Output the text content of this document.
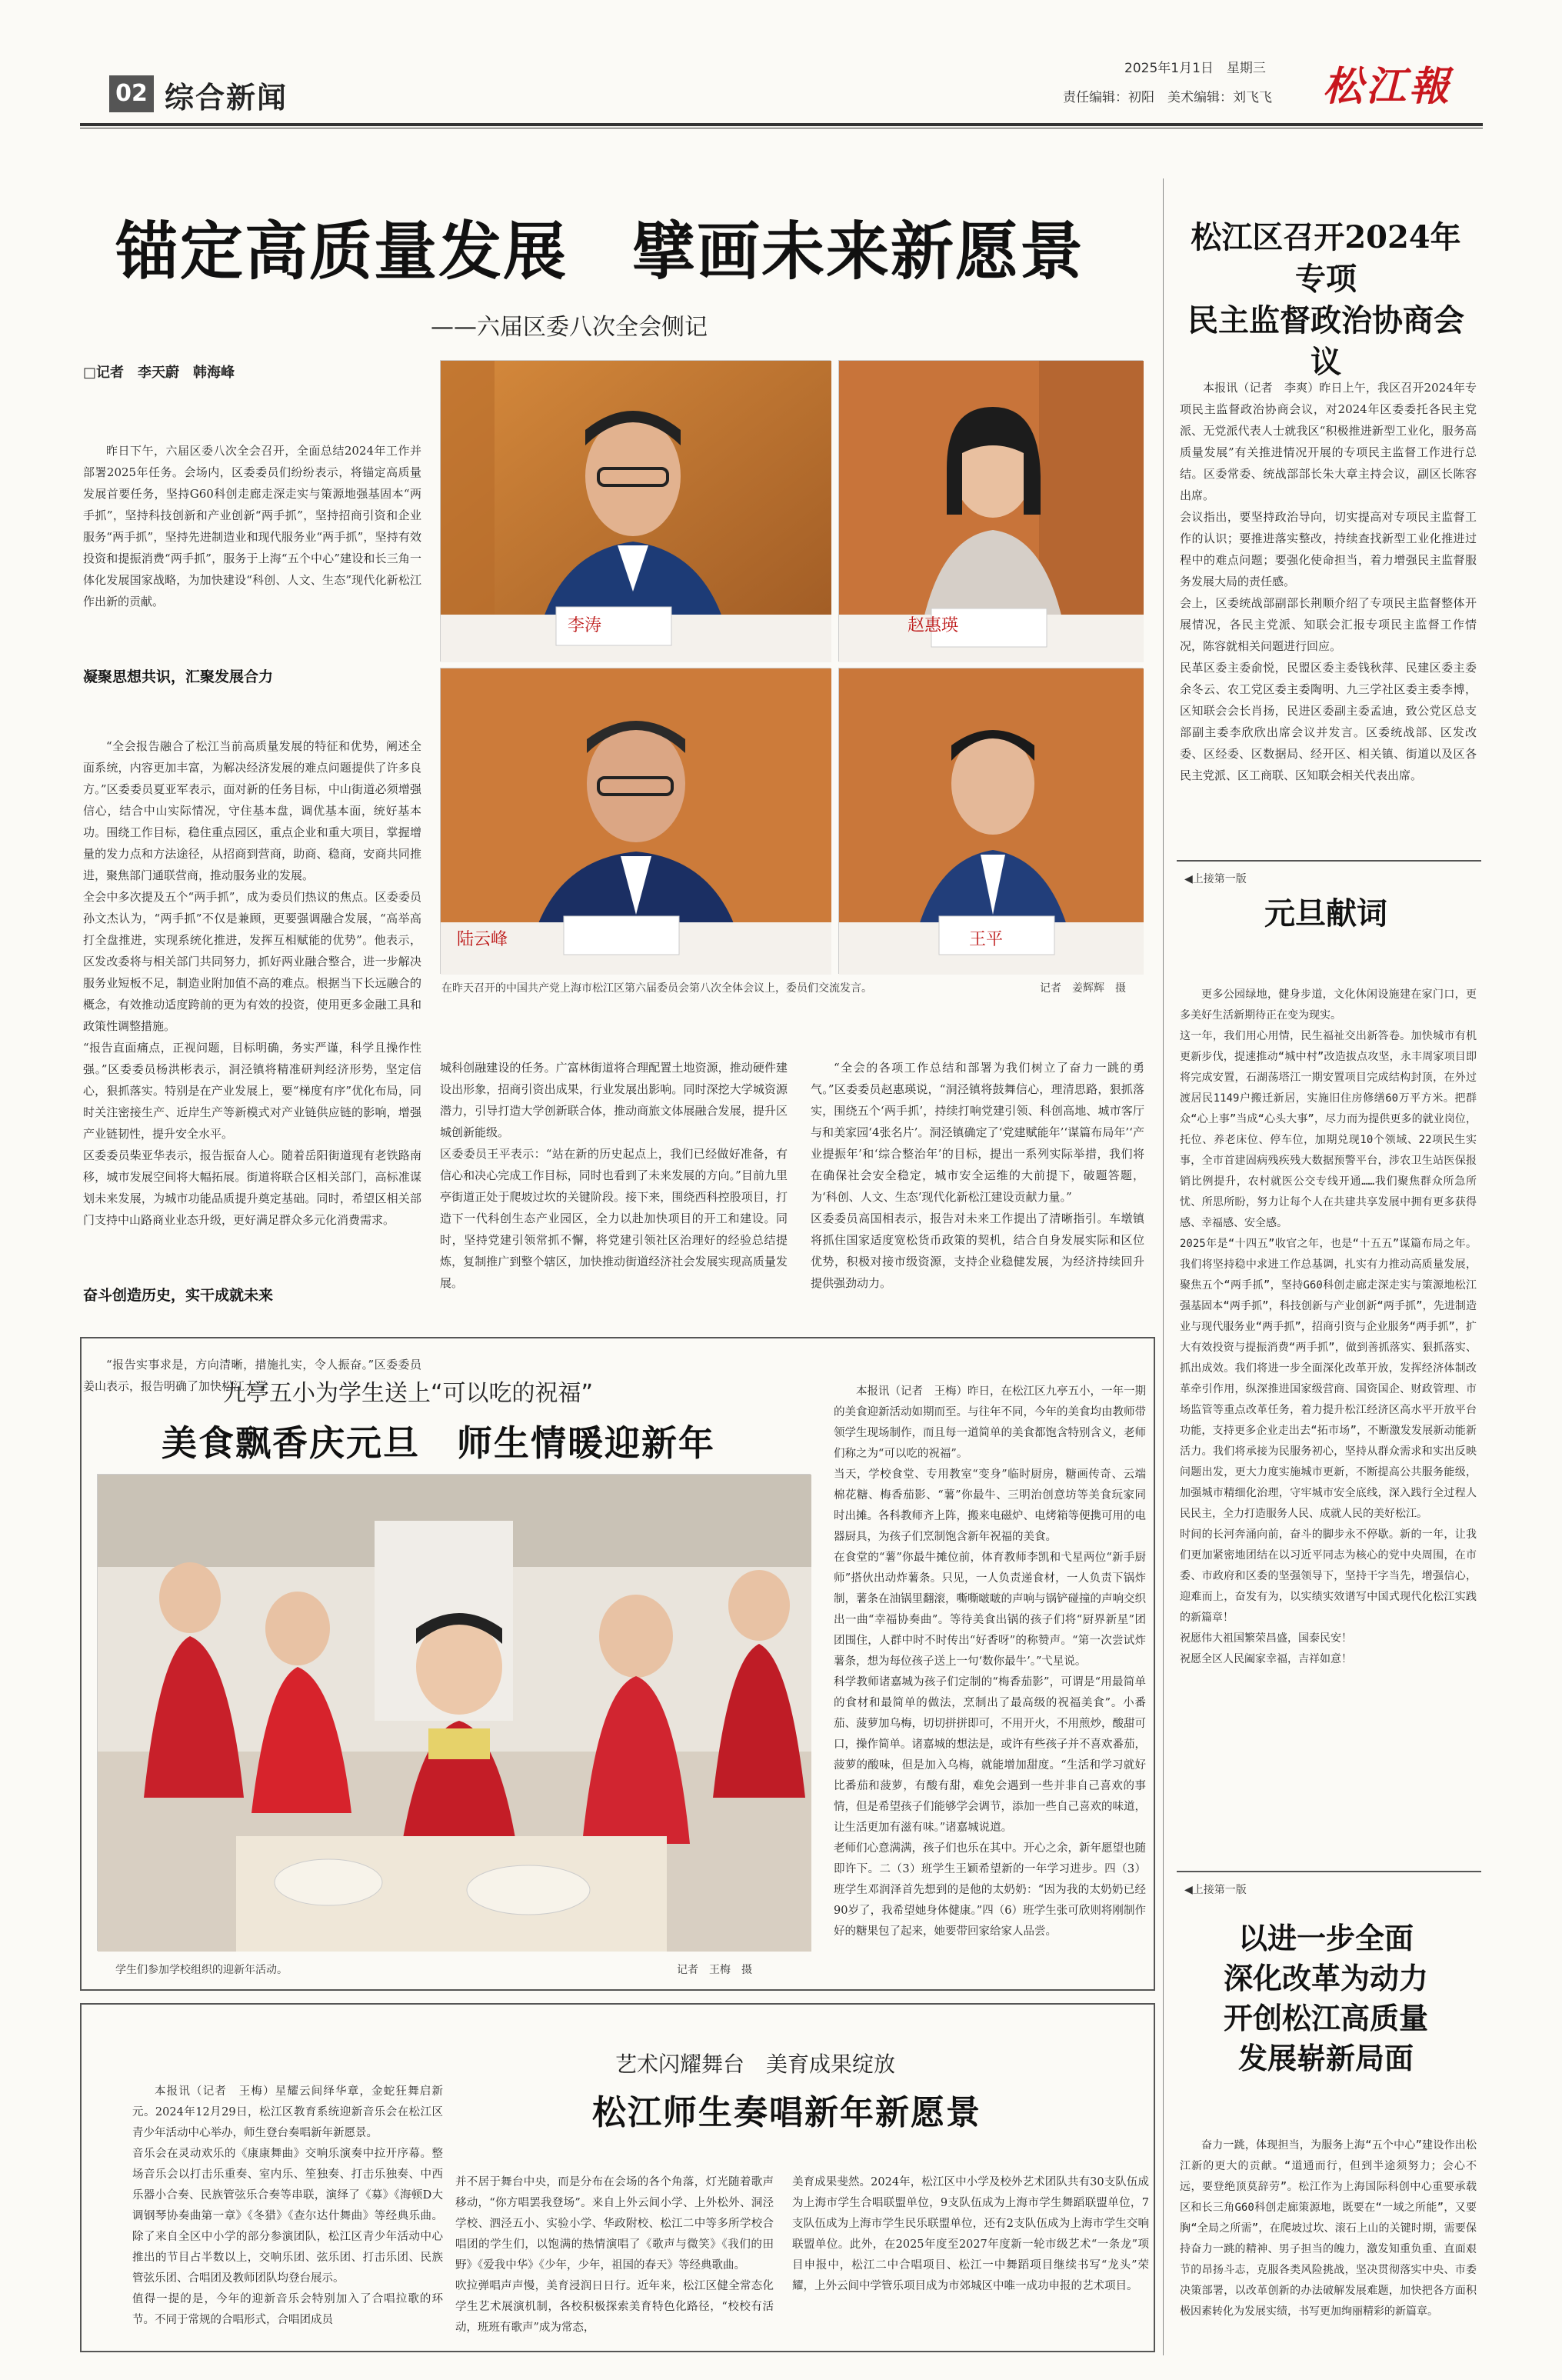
02 综合新闻
2025年1月1日　星期三
责任编辑：初阳　美术编辑：刘飞飞 松江報
锚定高质量发展　擘画未来新愿景
——六届区委八次全会侧记
□记者　李天蔚　韩海峰

昨日下午，六届区委八次全会召开，全面总结2024年工作并部署2025年任务。会场内，区委委员们纷纷表示，将锚定高质量发展首要任务，坚持G60科创走廊走深走实与策源地强基固本“两手抓”，坚持科技创新和产业创新“两手抓”，坚持招商引资和企业服务“两手抓”，坚持先进制造业和现代服务业“两手抓”，坚持有效投资和提振消费“两手抓”，服务于上海“五个中心”建设和长三角一体化发展国家战略，为加快建设“科创、人文、生态”现代化新松江作出新的贡献。

凝聚思想共识，汇聚发展合力

“全会报告融合了松江当前高质量发展的特征和优势，阐述全面系统，内容更加丰富，为解决经济发展的难点问题提供了许多良方。”区委委员夏亚军表示，面对新的任务目标，中山街道必须增强信心，结合中山实际情况，守住基本盘，调优基本面，统好基本功。围绕工作目标，稳住重点园区，重点企业和重大项目，掌握增量的发力点和方法途径，从招商到营商，助商、稳商，安商共同推进，聚焦部门通联营商，推动服务业的发展。
全会中多次提及五个“两手抓”，成为委员们热议的焦点。区委委员孙文杰认为，“两手抓”不仅是兼顾，更要强调融合发展，“高举高打全盘推进，实现系统化推进，发挥互相赋能的优势”。他表示，区发改委将与相关部门共同努力，抓好两业融合整合，进一步解决服务业短板不足，制造业附加值不高的难点。根据当下长远融合的概念，有效推动适度跨前的更为有效的投资，使用更多金融工具和政策性调整措施。
“报告直面痛点，正视问题，目标明确，务实严谨，科学且操作性强。”区委委员杨洪彬表示，洞泾镇将精准研判经济形势，坚定信心，狠抓落实。特别是在产业发展上，要“梯度有序”优化布局，同时关注密接生产、近岸生产等新模式对产业链供应链的影响，增强产业链韧性，提升安全水平。
区委委员柴亚华表示，报告振奋人心。随着岳阳街道现有老铁路南移，城市发展空间将大幅拓展。街道将联合区相关部门，高标准谋划未来发展，为城市功能品质提升奠定基础。同时，希望区相关部门支持中山路商业业态升级，更好满足群众多元化消费需求。

奋斗创造历史，实干成就未来

“报告实事求是，方向清晰，措施扎实，令人振奋。”区委委员姜山表示，报告明确了加快松江大学

李涛	赵惠瑛
陆云峰	王平
在昨天召开的中国共产党上海市松江区第六届委员会第八次全体会议上，委员们交流发言。	记者　姜辉辉　摄

城科创融建设的任务。广富林街道将合理配置土地资源，推动硬件建设出形象，招商引资出成果，行业发展出影响。同时深挖大学城资源潜力，引导打造大学创新联合体，推动商旅文体展融合发展，提升区城创新能级。
区委委员王平表示：“站在新的历史起点上，我们已经做好准备，有信心和决心完成工作目标，同时也看到了未来发展的方向。”目前九里亭街道正处于爬坡过坎的关键阶段。接下来，围绕西科控股项目，打造下一代科创生态产业园区，全力以赴加快项目的开工和建设。同时，坚持党建引领常抓不懈，将党建引领社区治理好的经验总结提炼，复制推广到整个辖区，加快推动街道经济社会发展实现高质量发展。

“全会的各项工作总结和部署为我们树立了奋力一跳的勇气。”区委委员赵惠瑛说，“洞泾镇将鼓舞信心，理清思路，狠抓落实，围绕五个‘两手抓’，持续打响党建引领、科创高地、城市客厅与和美家园‘4张名片’。洞泾镇确定了‘党建赋能年’‘谋篇布局年’‘产业提振年’和‘综合整治年’的目标，提出一系列实际举措，我们将在确保社会安全稳定，城市安全运维的大前提下，破题答题，为‘科创、人文、生态’现代化新松江建设贡献力量。”
区委委员高国相表示，报告对未来工作提出了清晰指引。车墩镇将抓住国家适度宽松货币政策的契机，结合自身发展实际和区位优势，积极对接市级资源，支持企业稳健发展，为经济持续回升提供强劲动力。

松江区召开2024年专项
民主监督政治协商会议

本报讯（记者　李爽）昨日上午，我区召开2024年专项民主监督政治协商会议，对2024年区委委托各民主党派、无党派代表人士就我区“积极推进新型工业化，服务高质量发展”有关推进情况开展的专项民主监督工作进行总结。区委常委、统战部部长朱大章主持会议，副区长陈容出席。
会议指出，要坚持政治导向，切实提高对专项民主监督工作的认识；要推进落实整改，持续查找新型工业化推进过程中的难点问题；要强化使命担当，着力增强民主监督服务发展大局的责任感。
会上，区委统战部副部长荆顺介绍了专项民主监督整体开展情况，各民主党派、知联会汇报专项民主监督工作情况，陈容就相关问题进行回应。
民革区委主委俞悦，民盟区委主委钱秋萍、民建区委主委余冬云、农工党区委主委陶明、九三学社区委主委李博，区知联会会长肖扬，民进区委副主委孟迪，致公党区总支部副主委李欣欣出席会议并发言。区委统战部、区发改委、区经委、区数据局、经开区、相关镇、街道以及区各民主党派、区工商联、区知联会相关代表出席。

◀上接第一版
元旦献词

更多公园绿地，健身步道，文化休闲设施建在家门口，更多美好生活新期待正在变为现实。
这一年，我们用心用情，民生福祉交出新答卷。加快城市有机更新步伐，提速推动“城中村”改造拔点攻坚，永丰周家项目即将完成安置，石湖荡塔江一期安置项目完成结构封顶，在外过渡居民1149户搬迁新居，实施旧住房修缮60万平方米。把群众“心上事”当成“心头大事”，尽力而为提供更多的就业岗位，托位、养老床位、停车位，加期兑现10个领域、22项民生实事，全市首建固病残疾残大数据预警平台，涉农卫生站医保报销比例提升，农村就医公交专线开通……我们聚焦群众所急所忧、所思所盼，努力让每个人在共建共享发展中拥有更多获得感、幸福感、安全感。
2025年是“十四五”收官之年，也是“十五五”谋篇布局之年。我们将坚持稳中求进工作总基调，扎实有力推动高质量发展，聚焦五个“两手抓”，坚持G60科创走廊走深走实与策源地松江强基固本“两手抓”，科技创新与产业创新“两手抓”，先进制造业与现代服务业“两手抓”，招商引资与企业服务“两手抓”，扩大有效投资与提振消费“两手抓”，做到善抓落实、狠抓落实、抓出成效。我们将进一步全面深化改革开放，发挥经济体制改革牵引作用，纵深推进国家级营商、国资国企、财政管理、市场监管等重点改革任务，着力提升松江经济区高水平开放平台功能，支持更多企业走出去“拓市场”，不断激发发展新动能新活力。我们将承接为民服务初心，坚持从群众需求和实出反映问题出发，更大力度实施城市更新，不断提高公共服务能级，加强城市精细化治理，守牢城市安全底线，深入践行全过程人民民主，全力打造服务人民、成就人民的美好松江。
时间的长河奔涌向前，奋斗的脚步永不停歇。新的一年，让我们更加紧密地团结在以习近平同志为核心的党中央周围，在市委、市政府和区委的坚强领导下，坚持干字当先，增强信心，迎难而上，奋发有为，以实绩实效谱写中国式现代化松江实践的新篇章！
祝愿伟大祖国繁荣昌盛，国泰民安！
祝愿全区人民阖家幸福，吉祥如意！

◀上接第一版
以进一步全面
深化改革为动力
开创松江高质量
发展崭新局面

奋力一跳，体现担当，为服务上海“五个中心”建设作出松江新的更大的贡献。“道通而行，但到半途须努力；会心不远，要登绝顶莫辞劳”。松江作为上海国际科创中心重要承载区和长三角G60科创走廊策源地，既要在“一域之所能”，又要胸“全局之所需”，在爬坡过坎、滚石上山的关键时期，需要保持奋力一跳的精神、男子担当的魄力，激发知重负重、直面艰节的昂扬斗志，克服各类风险挑战，坚决贯彻落实中央、市委决策部署，以改革创新的办法破解发展难题，加快把各方面积极因素转化为发展实绩，书写更加绚丽精彩的新篇章。

九亭五小为学生送上“可以吃的祝福”
美食飘香庆元旦　师生情暖迎新年
学生们参加学校组织的迎新年活动。	记者　王梅　摄

本报讯（记者　王梅）昨日，在松江区九亭五小，一年一期的美食迎新活动如期而至。与往年不同，今年的美食均由教师带领学生现场制作，而且每一道简单的美食都饱含特别含义，老师们称之为“可以吃的祝福”。
当天，学校食堂、专用教室“变身”临时厨房，糖画传奇、云端棉花糖、梅香茄影、“薯”你最牛、三明治创意坊等美食玩家同时出摊。各科教师齐上阵，搬来电磁炉、电烤箱等便携可用的电器厨具，为孩子们烹制饱含新年祝福的美食。
在食堂的“薯”你最牛摊位前，体育教师李凯和弋星两位“新手厨师”搭伙出动炸薯条。只见，一人负责递食材，一人负责下锅炸制，薯条在油锅里翻滚，嘶嘶啵啵的声响与锅铲碰撞的声响交织出一曲“幸福协奏曲”。等待美食出锅的孩子们将“厨界新星”团团围住，人群中时不时传出“好香呀”的称赞声。“第一次尝试炸薯条，想为每位孩子送上一句‘数你最牛’。”弋星说。
科学教师诸嘉城为孩子们定制的“梅香茄影”，可谓是“用最简单的食材和最简单的做法，烹制出了最高级的祝福美食”。小番茄、菠萝加乌梅，切切拼拼即可，不用开火，不用煎炒，酸甜可口，操作简单。诸嘉城的想法是，或许有些孩子并不喜欢番茄，菠萝的酸味，但是加入乌梅，就能增加甜度。“生活和学习就好比番茄和菠萝，有酸有甜，难免会遇到一些并非自己喜欢的事情，但是希望孩子们能够学会调节，添加一些自己喜欢的味道，让生活更加有滋有味。”诸嘉城说道。
老师们心意满满，孩子们也乐在其中。开心之余，新年愿望也随即许下。二（3）班学生王颖希望新的一年学习进步。四（3）班学生邓润泽首先想到的是他的太奶奶：“因为我的太奶奶已经90岁了，我希望她身体健康。”四（6）班学生张可欣则将刚制作好的糖果包了起来，她要带回家给家人品尝。

艺术闪耀舞台　美育成果绽放
松江师生奏唱新年新愿景

本报讯（记者　王梅）星耀云间绎华章，金蛇狂舞启新元。2024年12月29日，松江区教育系统迎新音乐会在松江区青少年活动中心举办，师生登台奏唱新年新愿景。
音乐会在灵动欢乐的《康康舞曲》交响乐演奏中拉开序幕。整场音乐会以打击乐重奏、室内乐、笙独奏、打击乐独奏、中西乐器小合奏、民族管弦乐合奏等串联，演绎了《募》《海顿D大调钢琴协奏曲第一章》《冬猎》《查尔达什舞曲》等经典乐曲。除了来自全区中小学的部分参演团队，松江区青少年活动中心推出的节目占半数以上，交响乐团、弦乐团、打击乐团、民族管弦乐团、合唱团及教师团队均登台展示。
值得一提的是，今年的迎新音乐会特别加入了合唱拉歌的环节。不同于常规的合唱形式，合唱团成员

并不居于舞台中央，而是分布在会场的各个角落，灯光随着歌声移动，“你方唱罢我登场”。来自上外云间小学、上外松外、洞泾学校、泗泾五小、实验小学、华政附校、松江二中等多所学校合唱团的学生们，以饱满的热情演唱了《歌声与微笑》《我们的田野》《爱我中华》《少年，少年，祖国的春天》等经典歌曲。
吹拉弹唱声声慢，美育浸润日日行。近年来，松江区健全常态化学生艺术展演机制，各校积极探索美育特色化路径，“校校有活动，班班有歌声”成为常态，

美育成果斐然。2024年，松江区中小学及校外艺术团队共有30支队伍成为上海市学生合唱联盟单位，9支队伍成为上海市学生舞蹈联盟单位，7支队伍成为上海市学生民乐联盟单位，还有2支队伍成为上海市学生交响联盟单位。此外，在2025年度至2027年度新一轮市级艺术“一条龙”项目申报中，松江二中合唱项目、松江一中舞蹈项目继续书写“龙头”荣耀，上外云间中学管乐项目成为市郊城区中唯一成功申报的艺术项目。
